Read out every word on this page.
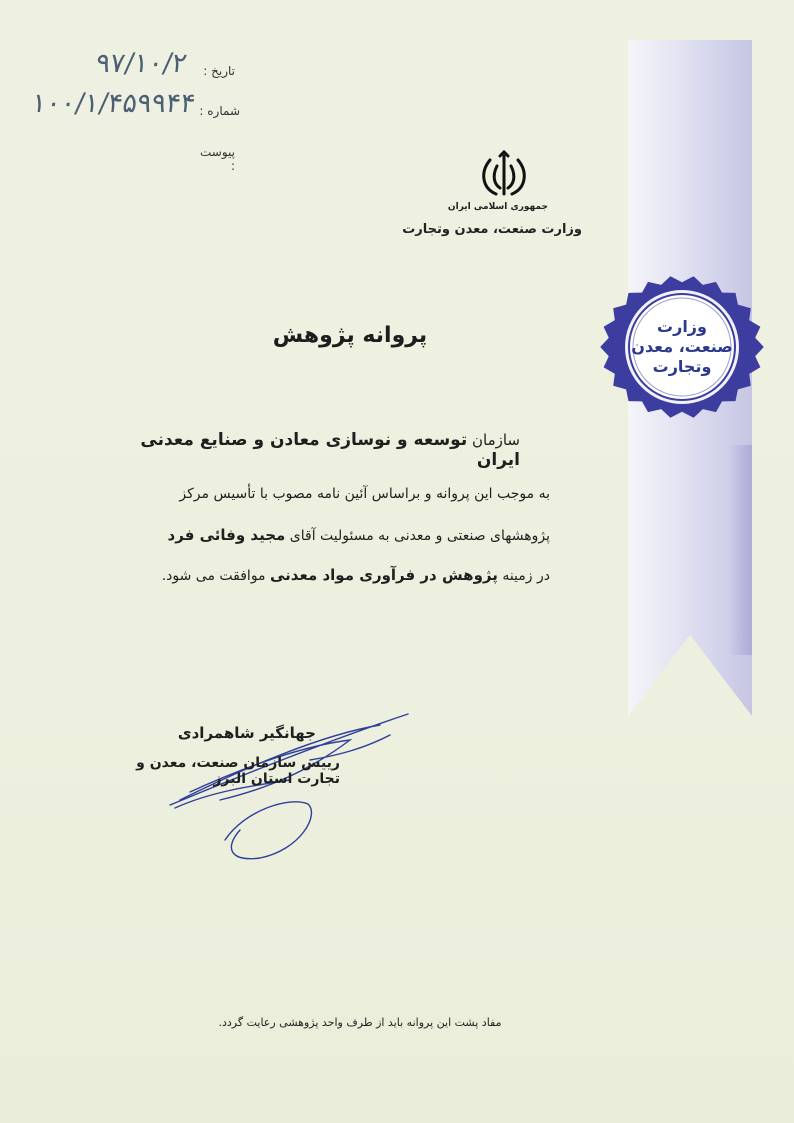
وزارت
صنعت، معدن
وتجارت
تاریخ :
۹۷/۱۰/۲
شماره :
۱۰۰/۱/۴۵۹۹۴۴
پیوست :
جمهوری اسلامی ایران
وزارت صنعت، معدن وتجارت
پروانه پژوهش
سازمان توسعه و نوسازی معادن و صنایع معدنی ایران
به موجب این پروانه و براساس آئین نامه مصوب با تأسیس مرکز
پژوهشهای صنعتی و معدنی به مسئولیت آقای مجید وفائی فرد
در زمینه پژوهش در فرآوری مواد معدنی موافقت می شود.
جهانگیر شاهمرادی
رییس سازمان صنعت، معدن و تجارت استان البرز
مفاد پشت این پروانه باید از طرف واحد پژوهشی رعایت گردد.
